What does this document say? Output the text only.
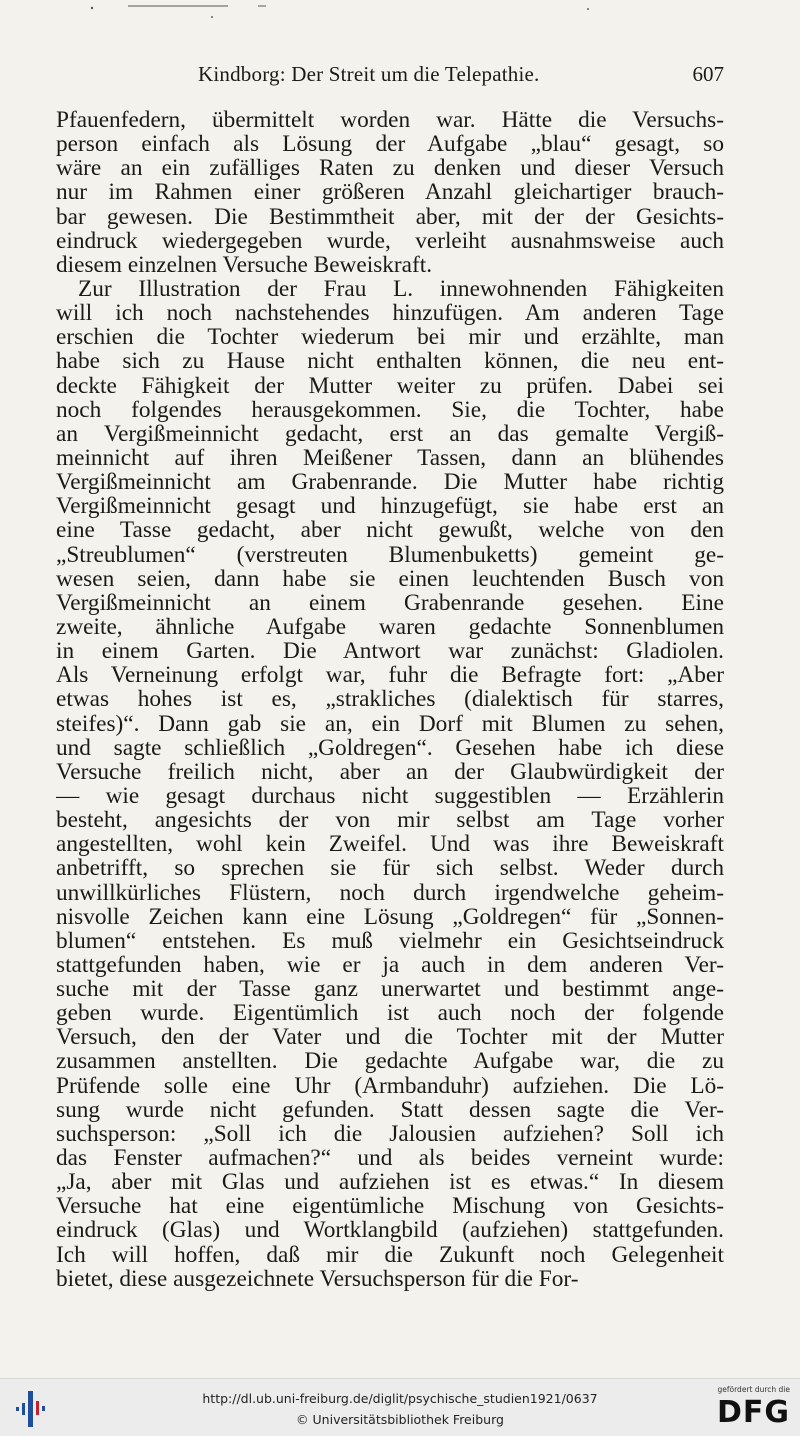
Kindborg: Der Streit um die Telepathie.	607
Pfauenfedern, übermittelt worden war. Hätte die Versuchs-
person einfach als Lösung der Aufgabe „blau“ gesagt, so
wäre an ein zufälliges Raten zu denken und dieser Versuch
nur im Rahmen einer größeren Anzahl gleichartiger brauch-
bar gewesen. Die Bestimmtheit aber, mit der der Gesichts-
eindruck wiedergegeben wurde, verleiht ausnahmsweise auch
diesem einzelnen Versuche Beweiskraft.
Zur Illustration der Frau L. innewohnenden Fähigkeiten
will ich noch nachstehendes hinzufügen. Am anderen Tage
erschien die Tochter wiederum bei mir und erzählte, man
habe sich zu Hause nicht enthalten können, die neu ent-
deckte Fähigkeit der Mutter weiter zu prüfen. Dabei sei
noch folgendes herausgekommen. Sie, die Tochter, habe
an Vergißmeinnicht gedacht, erst an das gemalte Vergiß-
meinnicht auf ihren Meißener Tassen, dann an blühendes
Vergißmeinnicht am Grabenrande. Die Mutter habe richtig
Vergißmeinnicht gesagt und hinzugefügt, sie habe erst an
eine Tasse gedacht, aber nicht gewußt, welche von den
„Streublumen“ (verstreuten Blumenbuketts) gemeint ge-
wesen seien, dann habe sie einen leuchtenden Busch von
Vergißmeinnicht an einem Grabenrande gesehen. Eine
zweite, ähnliche Aufgabe waren gedachte Sonnenblumen
in einem Garten. Die Antwort war zunächst: Gladiolen.
Als Verneinung erfolgt war, fuhr die Befragte fort: „Aber
etwas hohes ist es, „strakliches (dialektisch für starres,
steifes)“. Dann gab sie an, ein Dorf mit Blumen zu sehen,
und sagte schließlich „Goldregen“. Gesehen habe ich diese
Versuche freilich nicht, aber an der Glaubwürdigkeit der
— wie gesagt durchaus nicht suggestiblen — Erzählerin
besteht, angesichts der von mir selbst am Tage vorher
angestellten, wohl kein Zweifel. Und was ihre Beweiskraft
anbetrifft, so sprechen sie für sich selbst. Weder durch
unwillkürliches Flüstern, noch durch irgendwelche geheim-
nisvolle Zeichen kann eine Lösung „Goldregen“ für „Sonnen-
blumen“ entstehen. Es muß vielmehr ein Gesichtseindruck
stattgefunden haben, wie er ja auch in dem anderen Ver-
suche mit der Tasse ganz unerwartet und bestimmt ange-
geben wurde. Eigentümlich ist auch noch der folgende
Versuch, den der Vater und die Tochter mit der Mutter
zusammen anstellten. Die gedachte Aufgabe war, die zu
Prüfende solle eine Uhr (Armbanduhr) aufziehen. Die Lö-
sung wurde nicht gefunden. Statt dessen sagte die Ver-
suchsperson: „Soll ich die Jalousien aufziehen? Soll ich
das Fenster aufmachen?“ und als beides verneint wurde:
„Ja, aber mit Glas und aufziehen ist es etwas.“ In diesem
Versuche hat eine eigentümliche Mischung von Gesichts-
eindruck (Glas) und Wortklangbild (aufziehen) stattgefunden.
Ich will hoffen, daß mir die Zukunft noch Gelegenheit
bietet, diese ausgezeichnete Versuchsperson für die For-
http://dl.ub.uni-freiburg.de/diglit/psychische_studien1921/0637
© Universitätsbibliothek Freiburg
gefördert durch die
DFG
